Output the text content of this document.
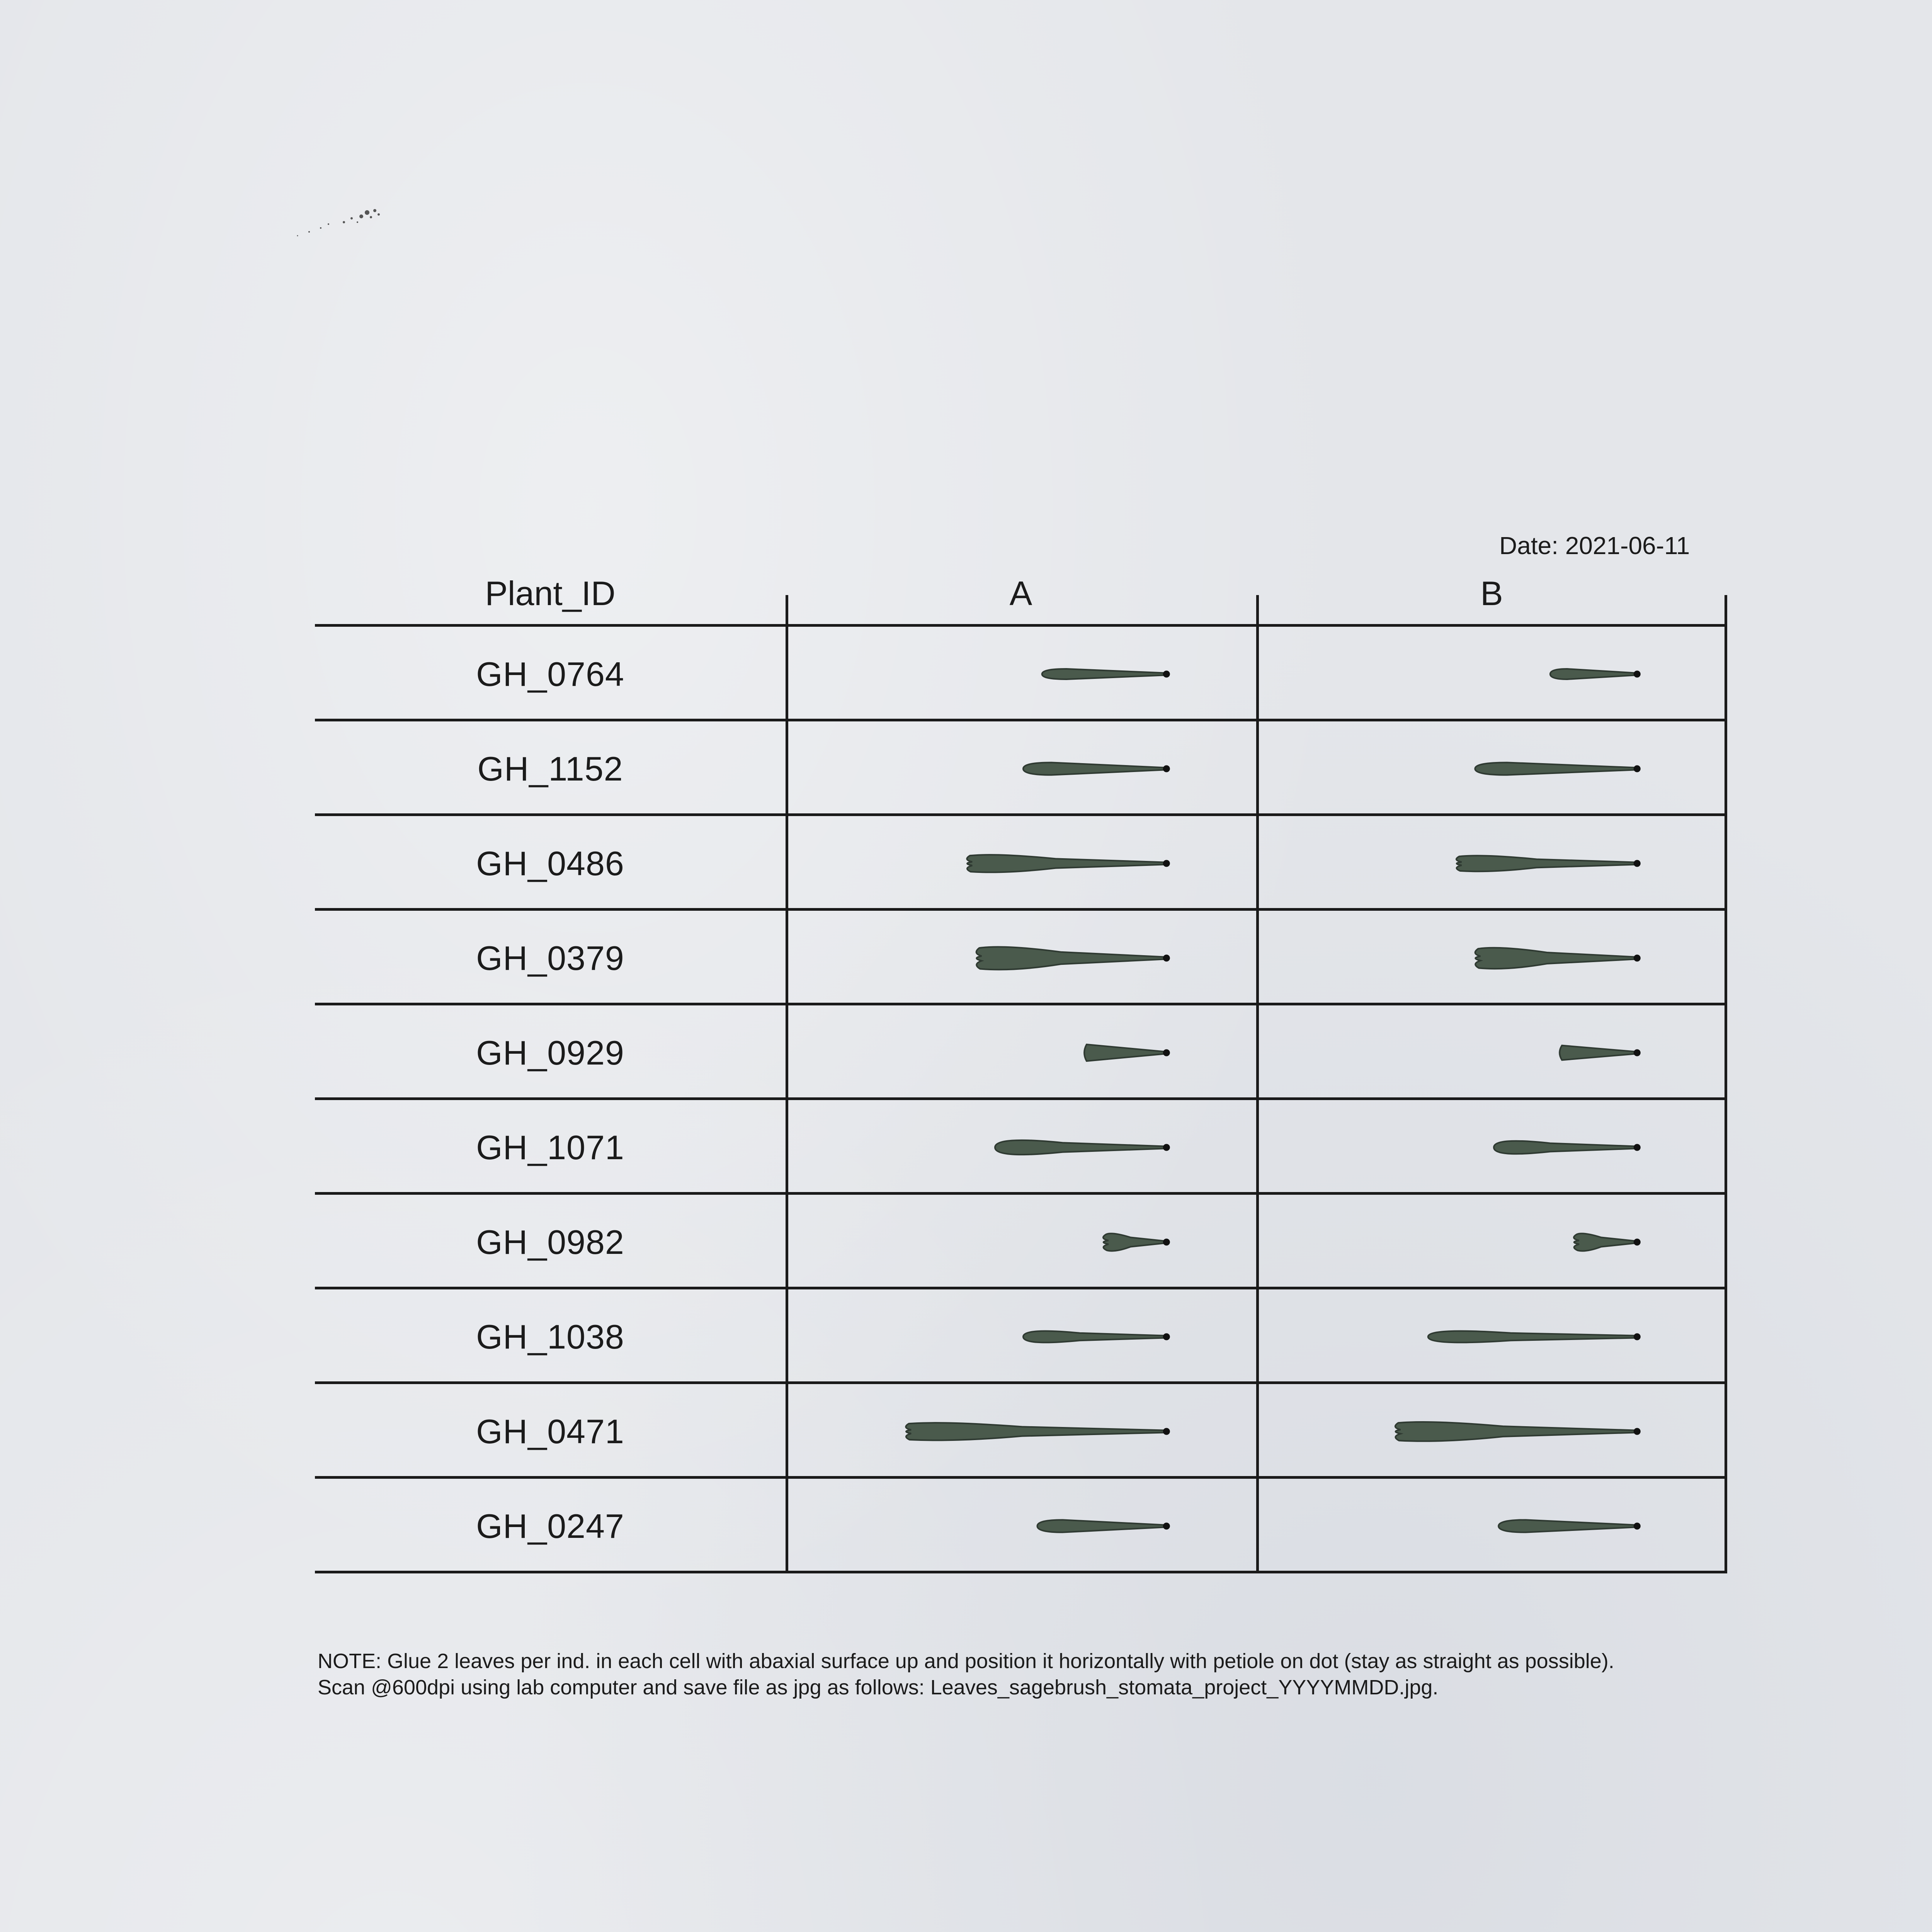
Date: 2021-06-11
Plant_ID	A	B
GH_0764
GH_1152
GH_0486
GH_0379
GH_0929
GH_1071
GH_0982
GH_1038
GH_0471
GH_0247
NOTE: Glue 2 leaves per ind. in each cell with abaxial surface up and position it horizontally with petiole on dot (stay as straight as possible).
Scan @600dpi using lab computer and save file as jpg as follows: Leaves_sagebrush_stomata_project_YYYYMMDD.jpg.
